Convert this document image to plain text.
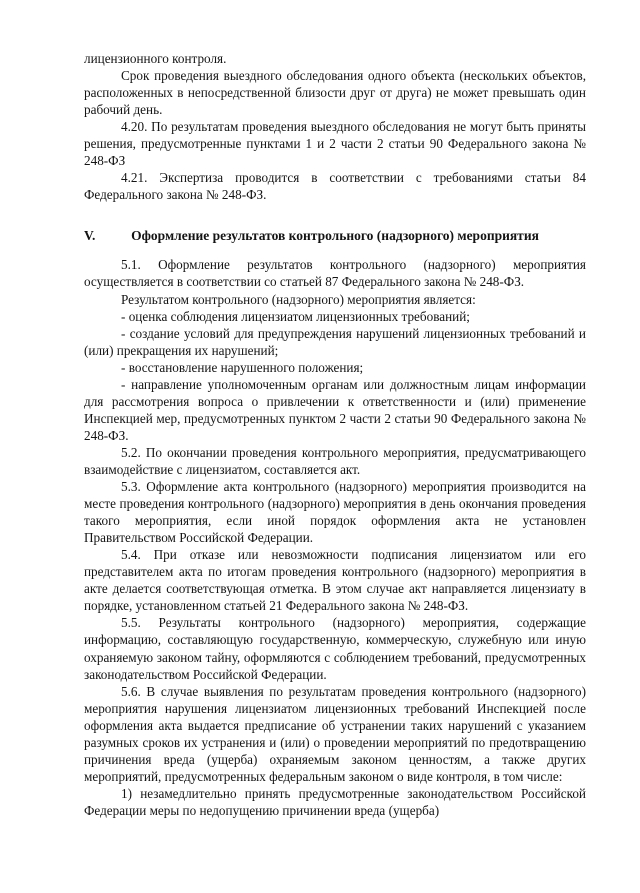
лицензионного контроля.

Срок проведения выездного обследования одного объекта (нескольких объектов, расположенных в непосредственной близости друг от друга) не может превышать один рабочий день.

4.20. По результатам проведения выездного обследования не могут быть приняты решения, предусмотренные пунктами 1 и 2 части 2 статьи 90 Федерального закона № 248-ФЗ

4.21. Экспертиза проводится в соответствии с требованиями статьи 84 Федерального закона № 248-ФЗ.

V.	Оформление результатов контрольного (надзорного) мероприятия

5.1. Оформление результатов контрольного (надзорного) мероприятия осуществляется в соответствии со статьей 87 Федерального закона № 248-ФЗ.

Результатом контрольного (надзорного) мероприятия является:

- оценка соблюдения лицензиатом лицензионных требований;

- создание условий для предупреждения нарушений лицензионных требований и (или) прекращения их нарушений;

- восстановление нарушенного положения;

- направление уполномоченным органам или должностным лицам информации для рассмотрения вопроса о привлечении к ответственности и (или) применение Инспекцией мер, предусмотренных пунктом 2 части 2 статьи 90 Федерального закона № 248-ФЗ.

5.2. По окончании проведения контрольного мероприятия, предусматривающего взаимодействие с лицензиатом, составляется акт.

5.3. Оформление акта контрольного (надзорного) мероприятия производится на месте проведения контрольного (надзорного) мероприятия в день окончания проведения такого мероприятия, если иной порядок оформления акта не установлен Правительством Российской Федерации.

5.4. При отказе или невозможности подписания лицензиатом или его представителем акта по итогам проведения контрольного (надзорного) мероприятия в акте делается соответствующая отметка. В этом случае акт направляется лицензиату в порядке, установленном статьей 21 Федерального закона № 248-ФЗ.

5.5. Результаты контрольного (надзорного) мероприятия, содержащие информацию, составляющую государственную, коммерческую, служебную или иную охраняемую законом тайну, оформляются с соблюдением требований, предусмотренных законодательством Российской Федерации.

5.6. В случае выявления по результатам проведения контрольного (надзорного) мероприятия нарушения лицензиатом лицензионных требований Инспекцией после оформления акта выдается предписание об устранении таких нарушений с указанием разумных сроков их устранения и (или) о проведении мероприятий по предотвращению причинения вреда (ущерба) охраняемым законом ценностям, а также других мероприятий, предусмотренных федеральным законом о виде контроля, в том числе:

1) незамедлительно принять предусмотренные законодательством Российской Федерации меры по недопущению причинении вреда (ущерба)
